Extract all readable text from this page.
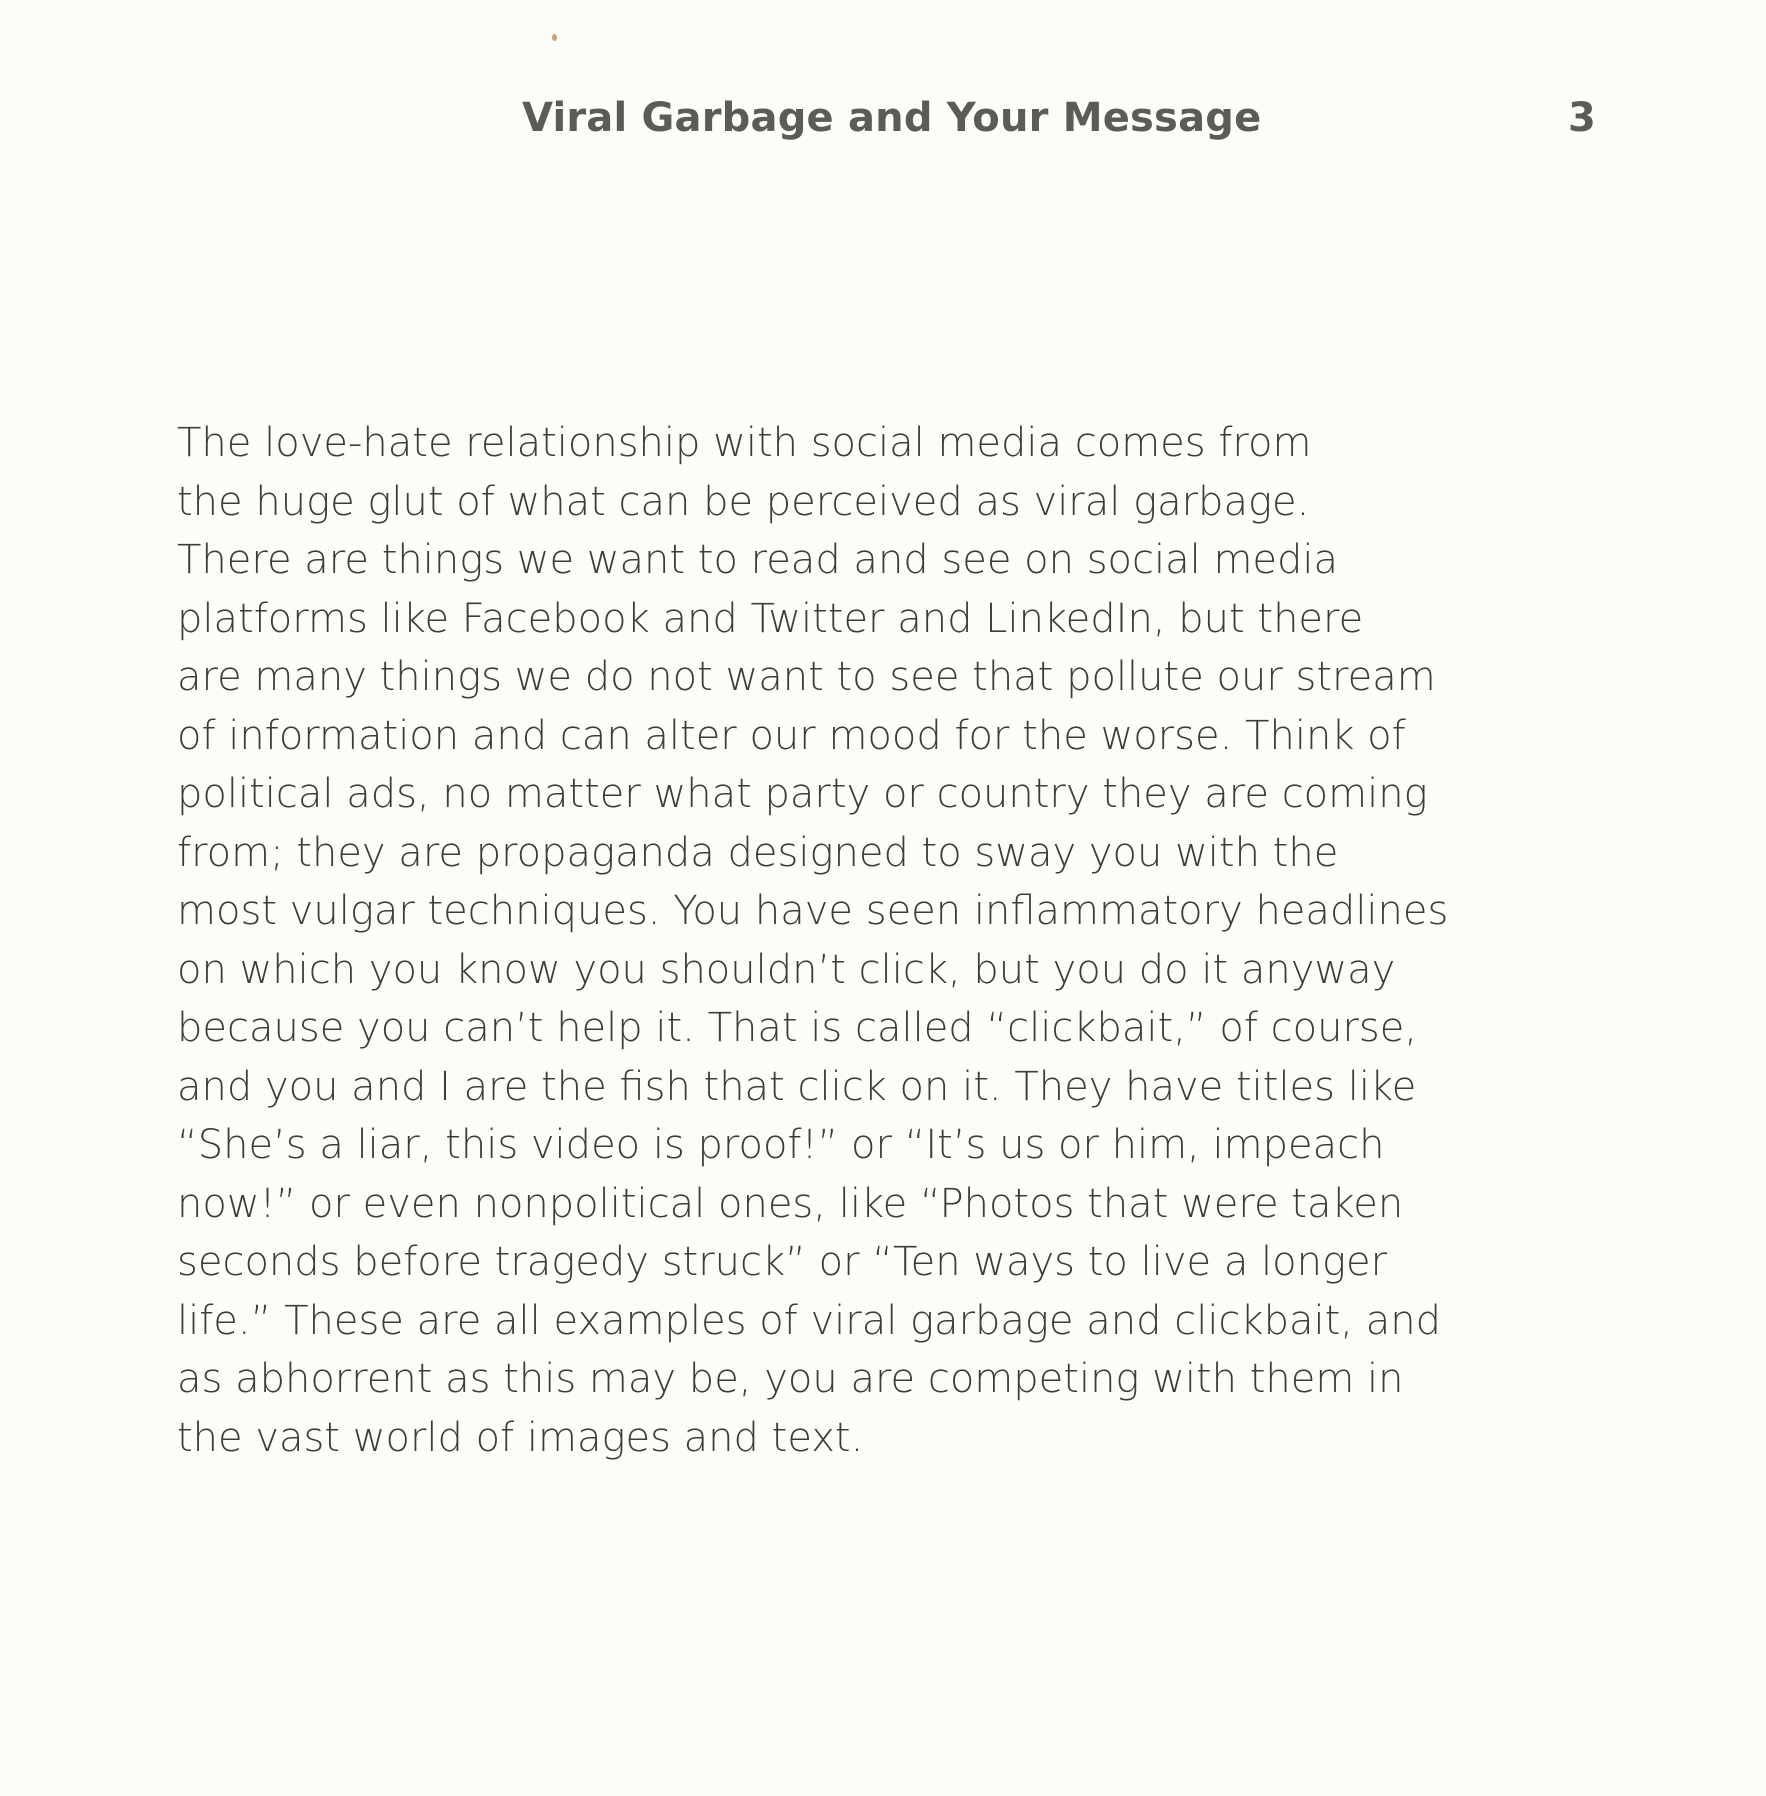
Viral Garbage and Your Message	3

The love-hate relationship with social media comes from
the huge glut of what can be perceived as viral garbage.
There are things we want to read and see on social media
platforms like Facebook and Twitter and LinkedIn, but there
are many things we do not want to see that pollute our stream
of information and can alter our mood for the worse. Think of
political ads, no matter what party or country they are coming
from; they are propaganda designed to sway you with the
most vulgar techniques. You have seen inflammatory headlines
on which you know you shouldn’t click, but you do it anyway
because you can’t help it. That is called “clickbait,” of course,
and you and I are the fish that click on it. They have titles like
“She’s a liar, this video is proof!” or “It’s us or him, impeach
now!” or even nonpolitical ones, like “Photos that were taken
seconds before tragedy struck” or “Ten ways to live a longer
life.” These are all examples of viral garbage and clickbait, and
as abhorrent as this may be, you are competing with them in
the vast world of images and text.
